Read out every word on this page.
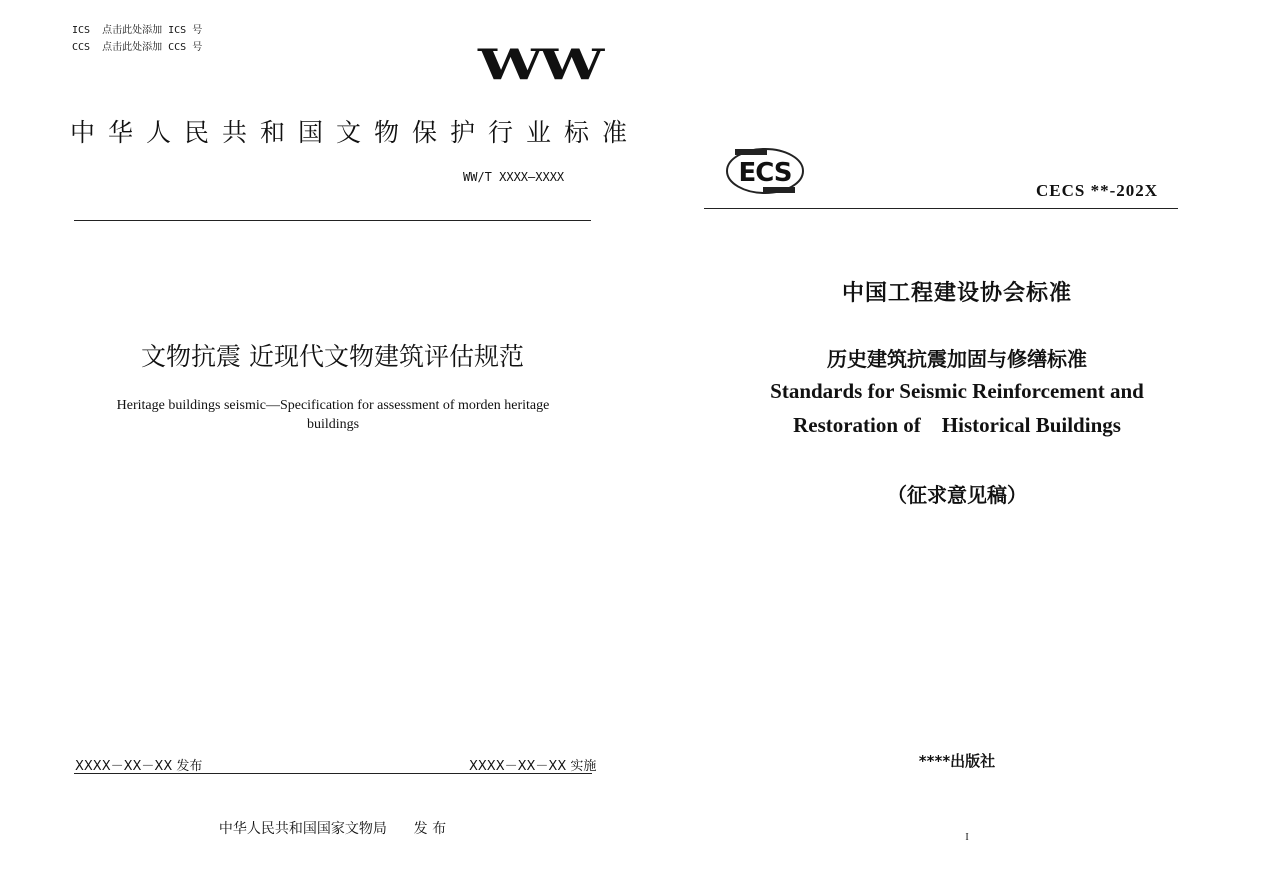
ICS  点击此处添加 ICS 号
CCS  点击此处添加 CCS 号	WW
中华人民共和国文物保护行业标准
WW/T XXXX—XXXX
文物抗震 近现代文物建筑评估规范
Heritage buildings seismic—Specification for assessment of morden heritage buildings
XXXX－XX－XX 发布	XXXX－XX－XX 实施
中华人民共和国国家文物局      发 布
ECS
CECS **-202X
中国工程建设协会标准
历史建筑抗震加固与修缮标准
Standards for Seismic Reinforcement and
Restoration of    Historical Buildings
（征求意见稿）
****出版社
I
